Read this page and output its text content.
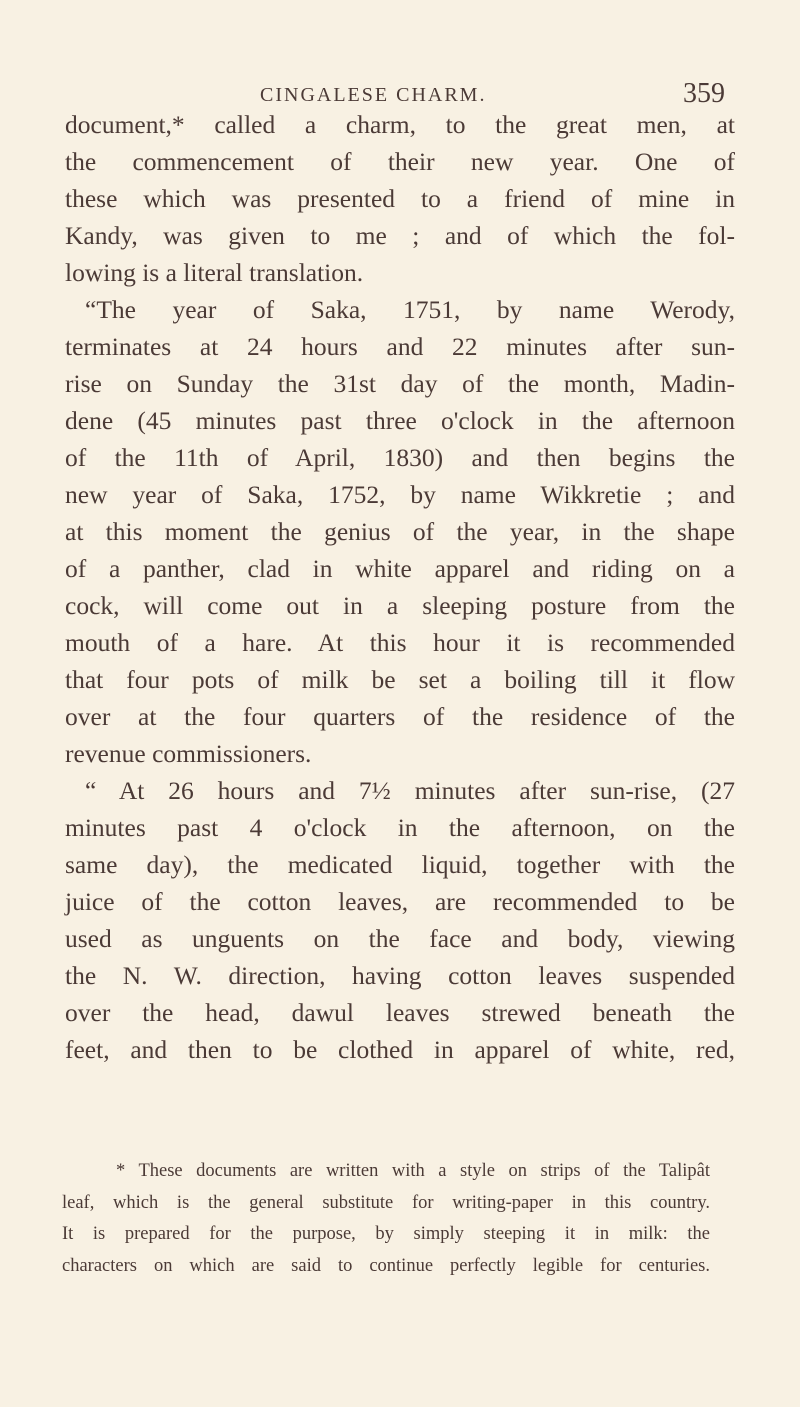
CINGALESE CHARM.	359
document,* called a charm, to the great men, at
the commencement of their new year. One of
these which was presented to a friend of mine in
Kandy, was given to me ; and of which the fol-
lowing is a literal translation.
“The year of Saka, 1751, by name Werody,
terminates at 24 hours and 22 minutes after sun-
rise on Sunday the 31st day of the month, Madin-
dene (45 minutes past three o'clock in the afternoon
of the 11th of April, 1830) and then begins the
new year of Saka, 1752, by name Wikkretie ; and
at this moment the genius of the year, in the shape
of a panther, clad in white apparel and riding on a
cock, will come out in a sleeping posture from the
mouth of a hare. At this hour it is recommended
that four pots of milk be set a boiling till it flow
over at the four quarters of the residence of the
revenue commissioners.
“ At 26 hours and 7½ minutes after sun-rise, (27
minutes past 4 o'clock in the afternoon, on the
same day), the medicated liquid, together with the
juice of the cotton leaves, are recommended to be
used as unguents on the face and body, viewing
the N. W. direction, having cotton leaves suspended
over the head, dawul leaves strewed beneath the
feet, and then to be clothed in apparel of white, red,
* These documents are written with a style on strips of the Talipât
leaf, which is the general substitute for writing-paper in this country.
It is prepared for the purpose, by simply steeping it in milk: the
characters on which are said to continue perfectly legible for centuries.
